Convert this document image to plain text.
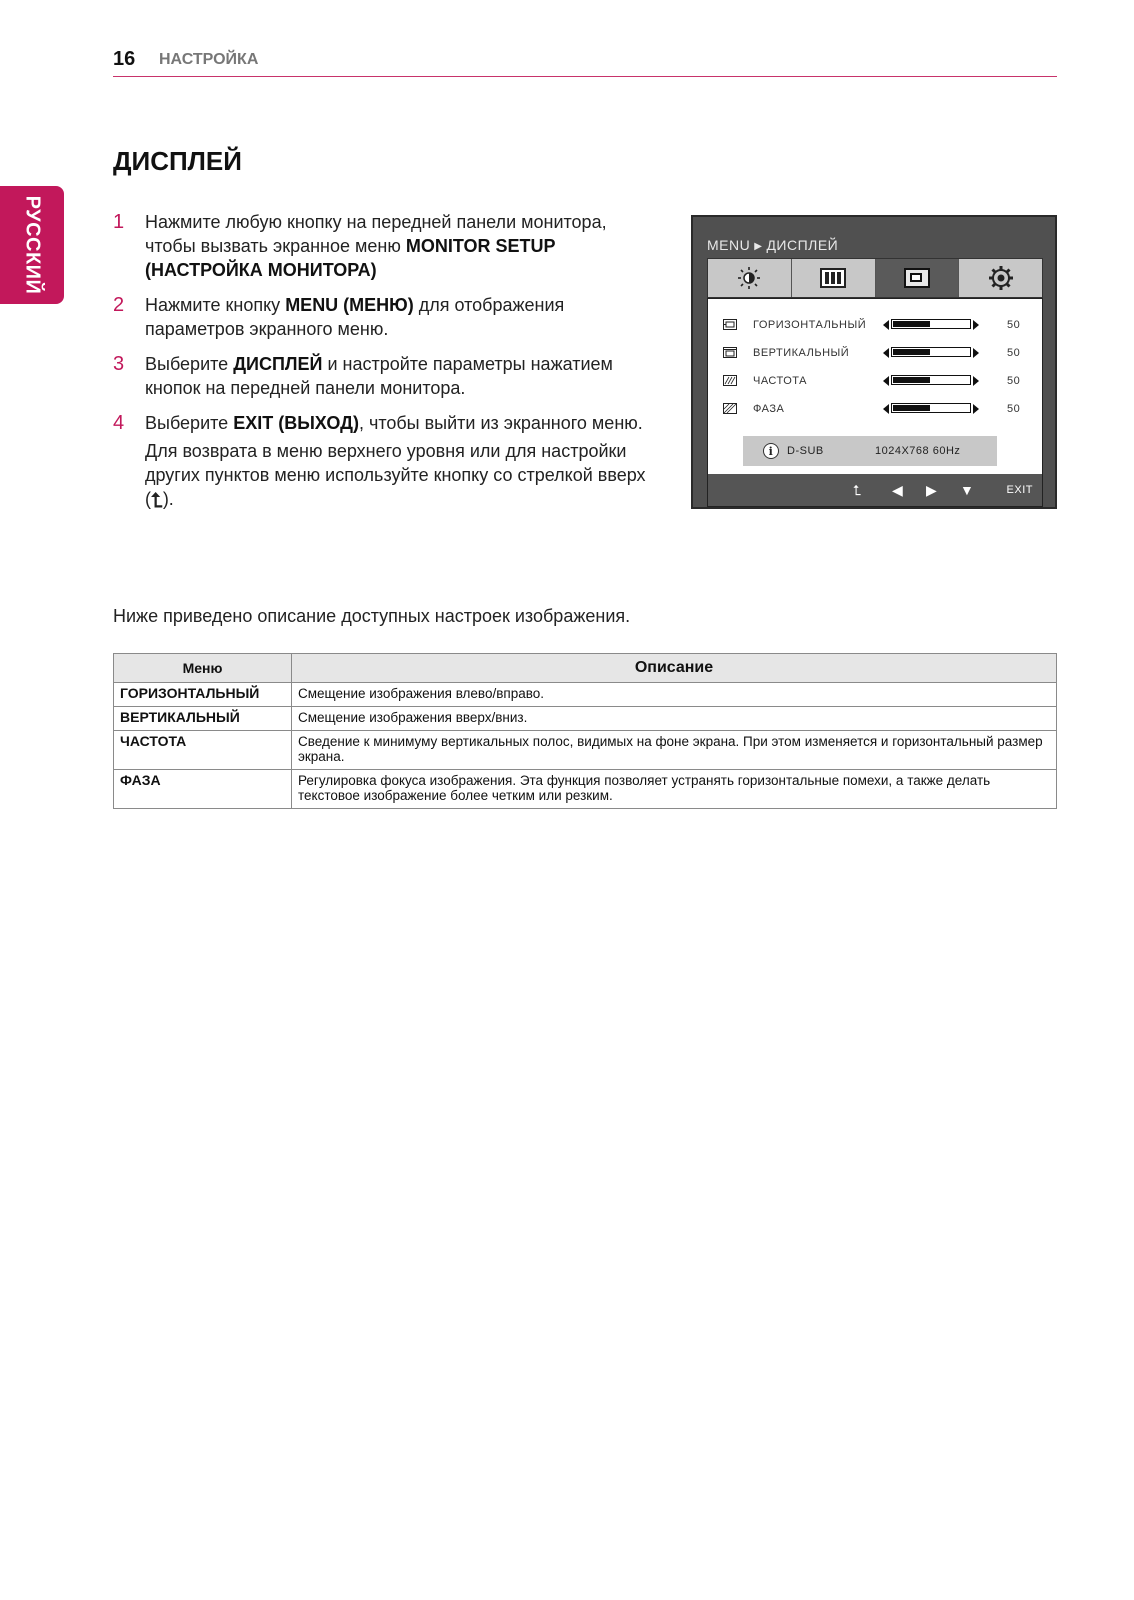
16 НАСТРОЙКА
РУССКИЙ
ДИСПЛЕЙ
1 Нажмите любую кнопку на передней панели монитора, чтобы вызвать экранное меню MONITOR SETUP (НАСТРОЙКА МОНИТОРА)

2 Нажмите кнопку MENU (МЕНЮ) для отображения параметров экранного меню.

3 Выберите ДИСПЛЕЙ и настройте параметры нажатием кнопок на передней панели монитора.

4 Выберите EXIT (ВЫХОД), чтобы выйти из экранного меню.

Для возврата в меню верхнего уровня или для настройки других пунктов меню используйте кнопку со стрелкой вверх (⮤).

MENU ▶ ДИСПЛЕЙ
ГОРИЗОНТАЛЬНЫЙ	50
ВЕРТИКАЛЬНЫЙ	50
ЧАСТОТА	50
ФАЗА	50
i	D-SUB	1024X768 60Hz
⮤ ◀ ▶ ▼	EXIT
Ниже приведено описание доступных настроек изображения.
Меню	Описание
ГОРИЗОНТАЛЬНЫЙ	Смещение изображения влево/вправо.
ВЕРТИКАЛЬНЫЙ	Смещение изображения вверх/вниз.
ЧАСТОТА	Сведение к минимуму вертикальных полос, видимых на фоне экрана. При этом изменяется и горизонтальный размер экрана.
ФАЗА	Регулировка фокуса изображения. Эта функция позволяет устранять горизонтальные помехи, а также делать текстовое изображение более четким или резким.
